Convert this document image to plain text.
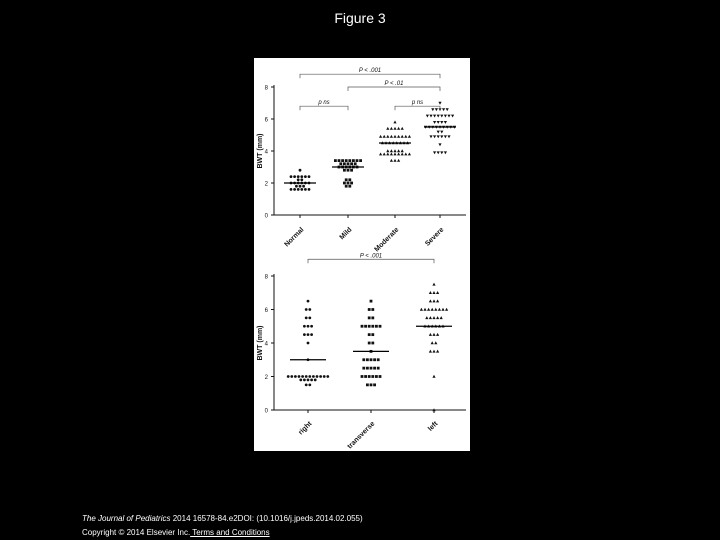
Figure 3
0
2
4
6
8
BWT (mm)
Normal	Mild	Moderate	Severe
P < .001
P < .01
p ns	p ns
0
2
4
6
8
BWT (mm)
right	transverse	left
P < .001
The Journal of Pediatrics 2014 16578-84.e2DOI: (10.1016/j.jpeds.2014.02.055)
Copyright © 2014 Elsevier Inc. Terms and Conditions
